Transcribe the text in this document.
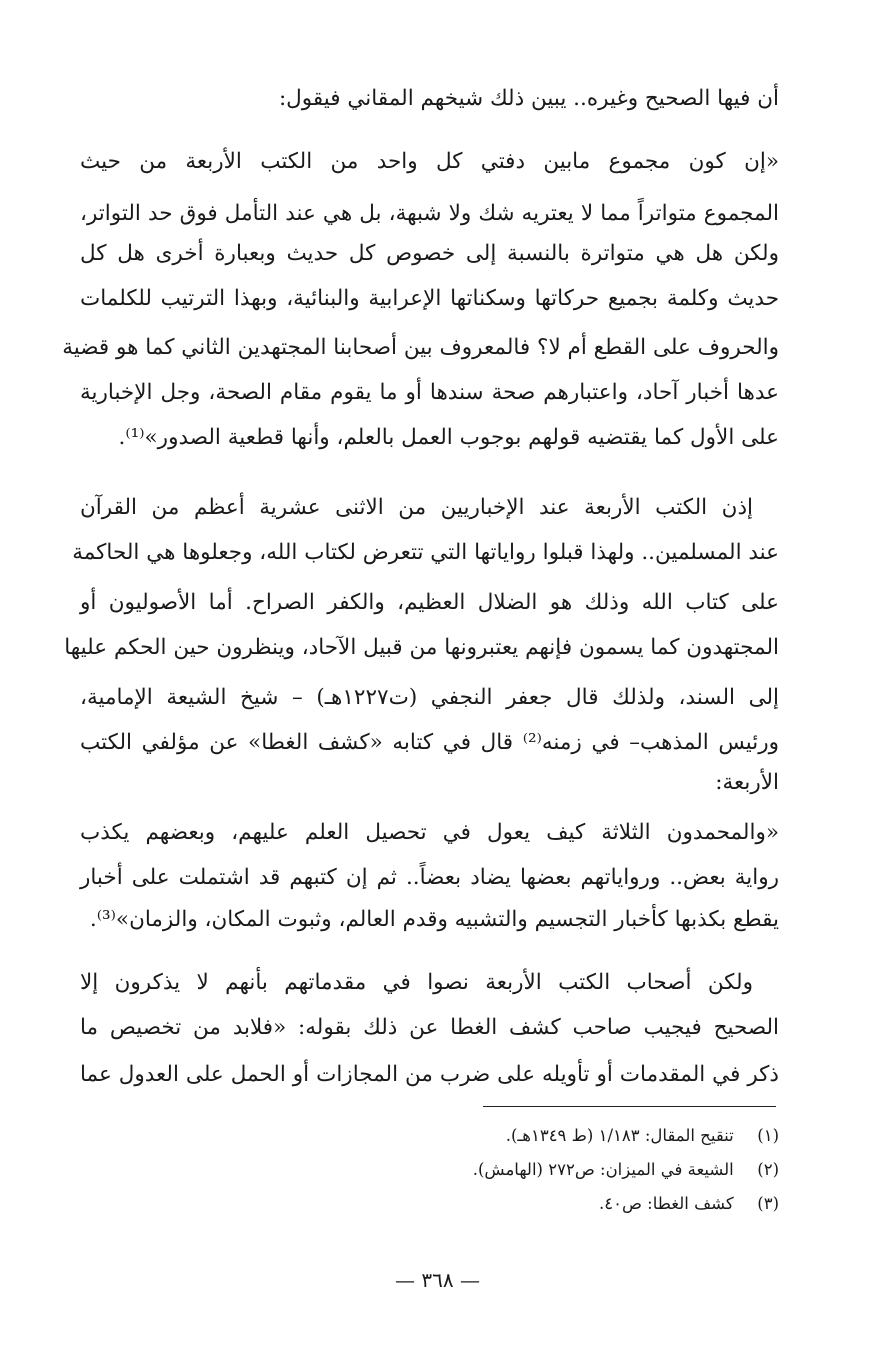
أن فيها الصحيح وغيره.. يبين ذلك شيخهم المقاني فيقول:
«إن كون مجموع مابين دفتي كل واحد من الكتب الأربعة من حيث
المجموع متواتراً مما لا يعتريه شك ولا شبهة، بل هي عند التأمل فوق حد التواتر،
ولكن هل هي متواترة بالنسبة إلى خصوص كل حديث وبعبارة أخرى هل كل
حديث وكلمة بجميع حركاتها وسكناتها الإعرابية والبنائية، وبهذا الترتيب للكلمات
والحروف على القطع أم لا؟ فالمعروف بين أصحابنا المجتهدين الثاني كما هو قضية
عدها أخبار آحاد، واعتبارهم صحة سندها أو ما يقوم مقام الصحة، وجل الإخبارية
على الأول كما يقتضيه قولهم بوجوب العمل بالعلم، وأنها قطعية الصدور»⁽¹⁾.
إذن الكتب الأربعة عند الإخباريين من الاثنى عشرية أعظم من القرآن
عند المسلمين.. ولهذا قبلوا رواياتها التي تتعرض لكتاب الله، وجعلوها هي الحاكمة
على كتاب الله وذلك هو الضلال العظيم، والكفر الصراح. أما الأصوليون أو
المجتهدون كما يسمون فإنهم يعتبرونها من قبيل الآحاد، وينظرون حين الحكم عليها
إلى السند، ولذلك قال جعفر النجفي (ت١٢٢٧هـ) – شيخ الشيعة الإمامية،
ورئيس المذهب– في زمنه⁽²⁾ قال في كتابه «كشف الغطا» عن مؤلفي الكتب
الأربعة:
«والمحمدون الثلاثة كيف يعول في تحصيل العلم عليهم، وبعضهم يكذب
رواية بعض.. ورواياتهم بعضها يضاد بعضاً.. ثم إن كتبهم قد اشتملت على أخبار
يقطع بكذبها كأخبار التجسيم والتشبيه وقدم العالم، وثبوت المكان، والزمان»⁽³⁾.
ولكن أصحاب الكتب الأربعة نصوا في مقدماتهم بأنهم لا يذكرون إلا
الصحيح فيجيب صاحب كشف الغطا عن ذلك بقوله: «فلابد من تخصيص ما
ذكر في المقدمات أو تأويله على ضرب من المجازات أو الحمل على العدول عما
(١) تنقيح المقال: ١/١٨٣ (ط ١٣٤٩هـ).
(٢) الشيعة في الميزان: ص٢٧٢ (الهامش).
(٣) كشف الغطا: ص٤٠.
— ٣٦٨ —
